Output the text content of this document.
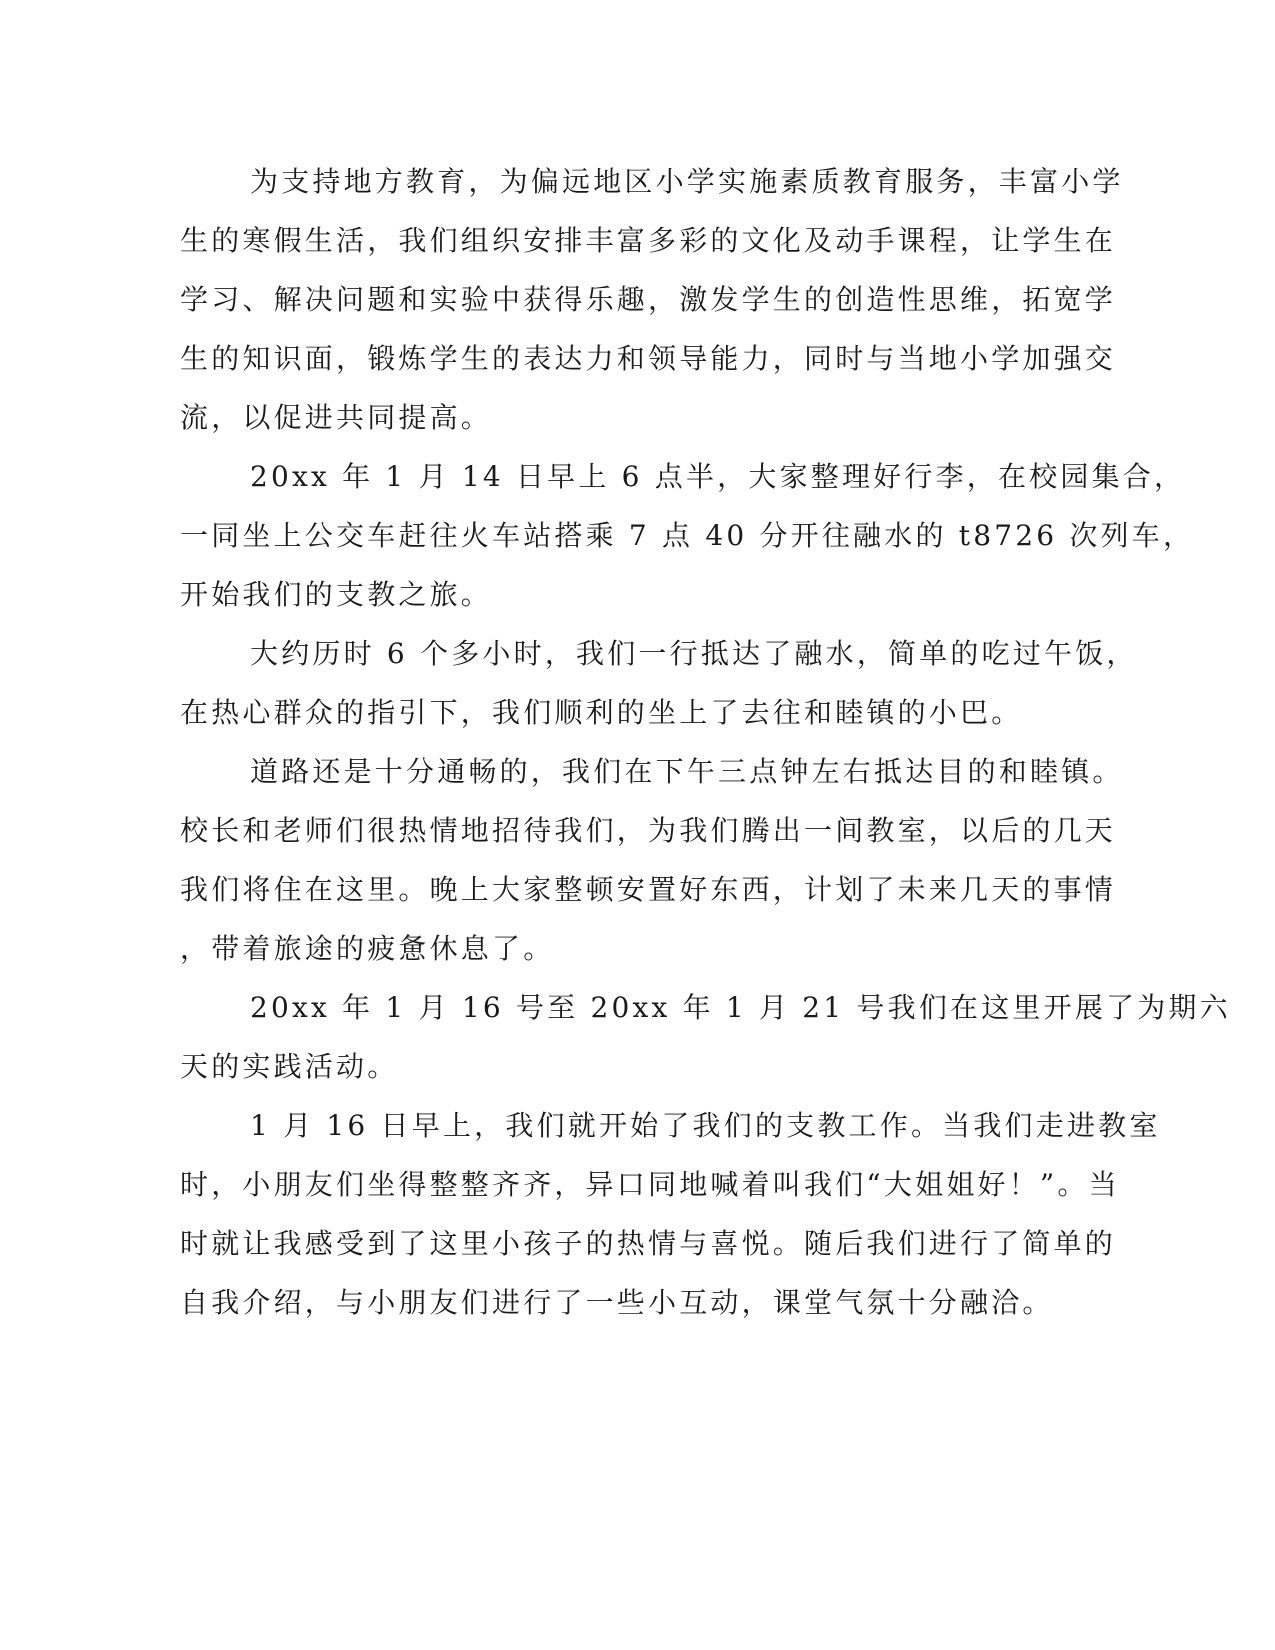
为支持地方教育，为偏远地区小学实施素质教育服务，丰富小学
生的寒假生活，我们组织安排丰富多彩的文化及动手课程，让学生在
学习、解决问题和实验中获得乐趣，激发学生的创造性思维，拓宽学
生的知识面，锻炼学生的表达力和领导能力，同时与当地小学加强交
流，以促进共同提高。
20xx 年 1 月 14 日早上 6 点半，大家整理好行李，在校园集合，
一同坐上公交车赶往火车站搭乘 7 点 40 分开往融水的 t8726 次列车，
开始我们的支教之旅。
大约历时 6 个多小时，我们一行抵达了融水，简单的吃过午饭，
在热心群众的指引下，我们顺利的坐上了去往和睦镇的小巴。
道路还是十分通畅的，我们在下午三点钟左右抵达目的和睦镇。
校长和老师们很热情地招待我们，为我们腾出一间教室，以后的几天
我们将住在这里。晚上大家整顿安置好东西，计划了未来几天的事情
，带着旅途的疲惫休息了。
20xx 年 1 月 16 号至 20xx 年 1 月 21 号我们在这里开展了为期六
天的实践活动。
1 月 16 日早上，我们就开始了我们的支教工作。当我们走进教室
时，小朋友们坐得整整齐齐，异口同地喊着叫我们“大姐姐好！”。当
时就让我感受到了这里小孩子的热情与喜悦。随后我们进行了简单的
自我介绍，与小朋友们进行了一些小互动，课堂气氛十分融洽。
